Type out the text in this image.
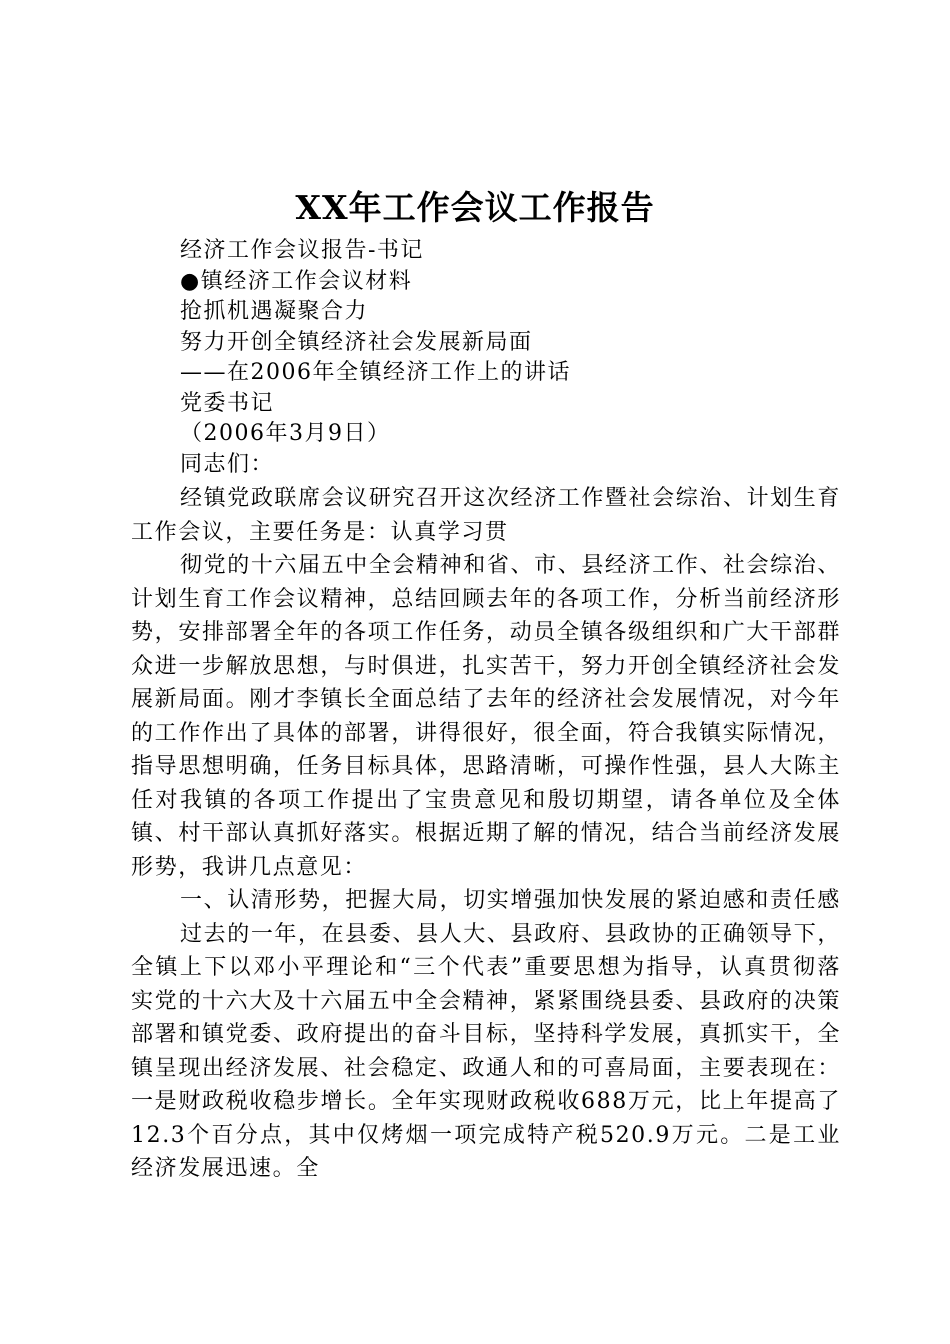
XX年工作会议工作报告
经济工作会议报告-书记
●镇经济工作会议材料
抢抓机遇凝聚合力
努力开创全镇经济社会发展新局面
——在2006年全镇经济工作上的讲话
党委书记
（2006年3月9日）
同志们：

经镇党政联席会议研究召开这次经济工作暨社会综治、计划生育工作会议，主要任务是：认真学习贯

彻党的十六届五中全会精神和省、市、县经济工作、社会综治、计划生育工作会议精神，总结回顾去年的各项工作，分析当前经济形势，安排部署全年的各项工作任务，动员全镇各级组织和广大干部群众进一步解放思想，与时俱进，扎实苦干，努力开创全镇经济社会发展新局面。刚才李镇长全面总结了去年的经济社会发展情况，对今年的工作作出了具体的部署，讲得很好，很全面，符合我镇实际情况，指导思想明确，任务目标具体，思路清晰，可操作性强，县人大陈主任对我镇的各项工作提出了宝贵意见和殷切期望，请各单位及全体镇、村干部认真抓好落实。根据近期了解的情况，结合当前经济发展形势，我讲几点意见：

一、认清形势，把握大局，切实增强加快发展的紧迫感和责任感

过去的一年，在县委、县人大、县政府、县政协的正确领导下，全镇上下以邓小平理论和“三个代表”重要思想为指导，认真贯彻落实党的十六大及十六届五中全会精神，紧紧围绕县委、县政府的决策部署和镇党委、政府提出的奋斗目标，坚持科学发展，真抓实干，全镇呈现出经济发展、社会稳定、政通人和的可喜局面，主要表现在：一是财政税收稳步增长。全年实现财政税收688万元，比上年提高了12.3个百分点，其中仅烤烟一项完成特产税520.9万元。二是工业经济发展迅速。全
